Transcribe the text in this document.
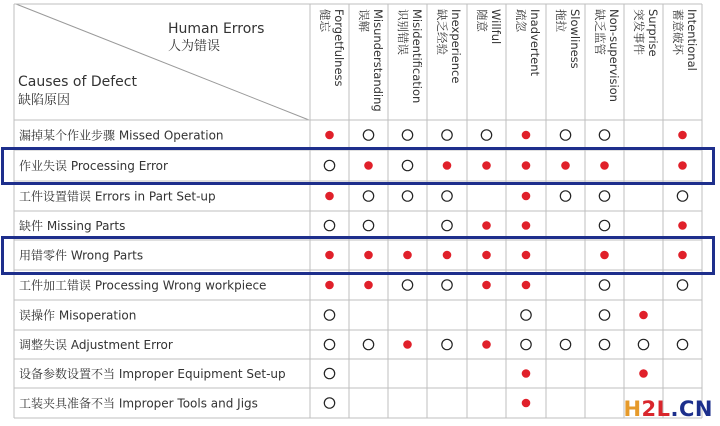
Human Errors
人为错误
Causes of Defect
缺陷原因
健忘 Forgetfulness 误解 Misunderstanding 识别错误 Misidentification 缺乏经验 Inexperience 随意 Willful 疏忽 Inadvertent 拖拉 Slowliness 缺乏监管 Non-supervision 突发事件 Surprise 蓄意破坏 Intentional
漏掉某个作业步骤 Missed Operation
作业失误 Processing Error
工件设置错误 Errors in Part Set-up
缺件 Missing Parts
用错零件 Wrong Parts
工件加工错误 Processing Wrong workpiece
误操作 Misoperation
调整失误 Adjustment Error
设备参数设置不当 Improper Equipment Set-up
工装夹具准备不当 Improper Tools and Jigs	H2L.CN
